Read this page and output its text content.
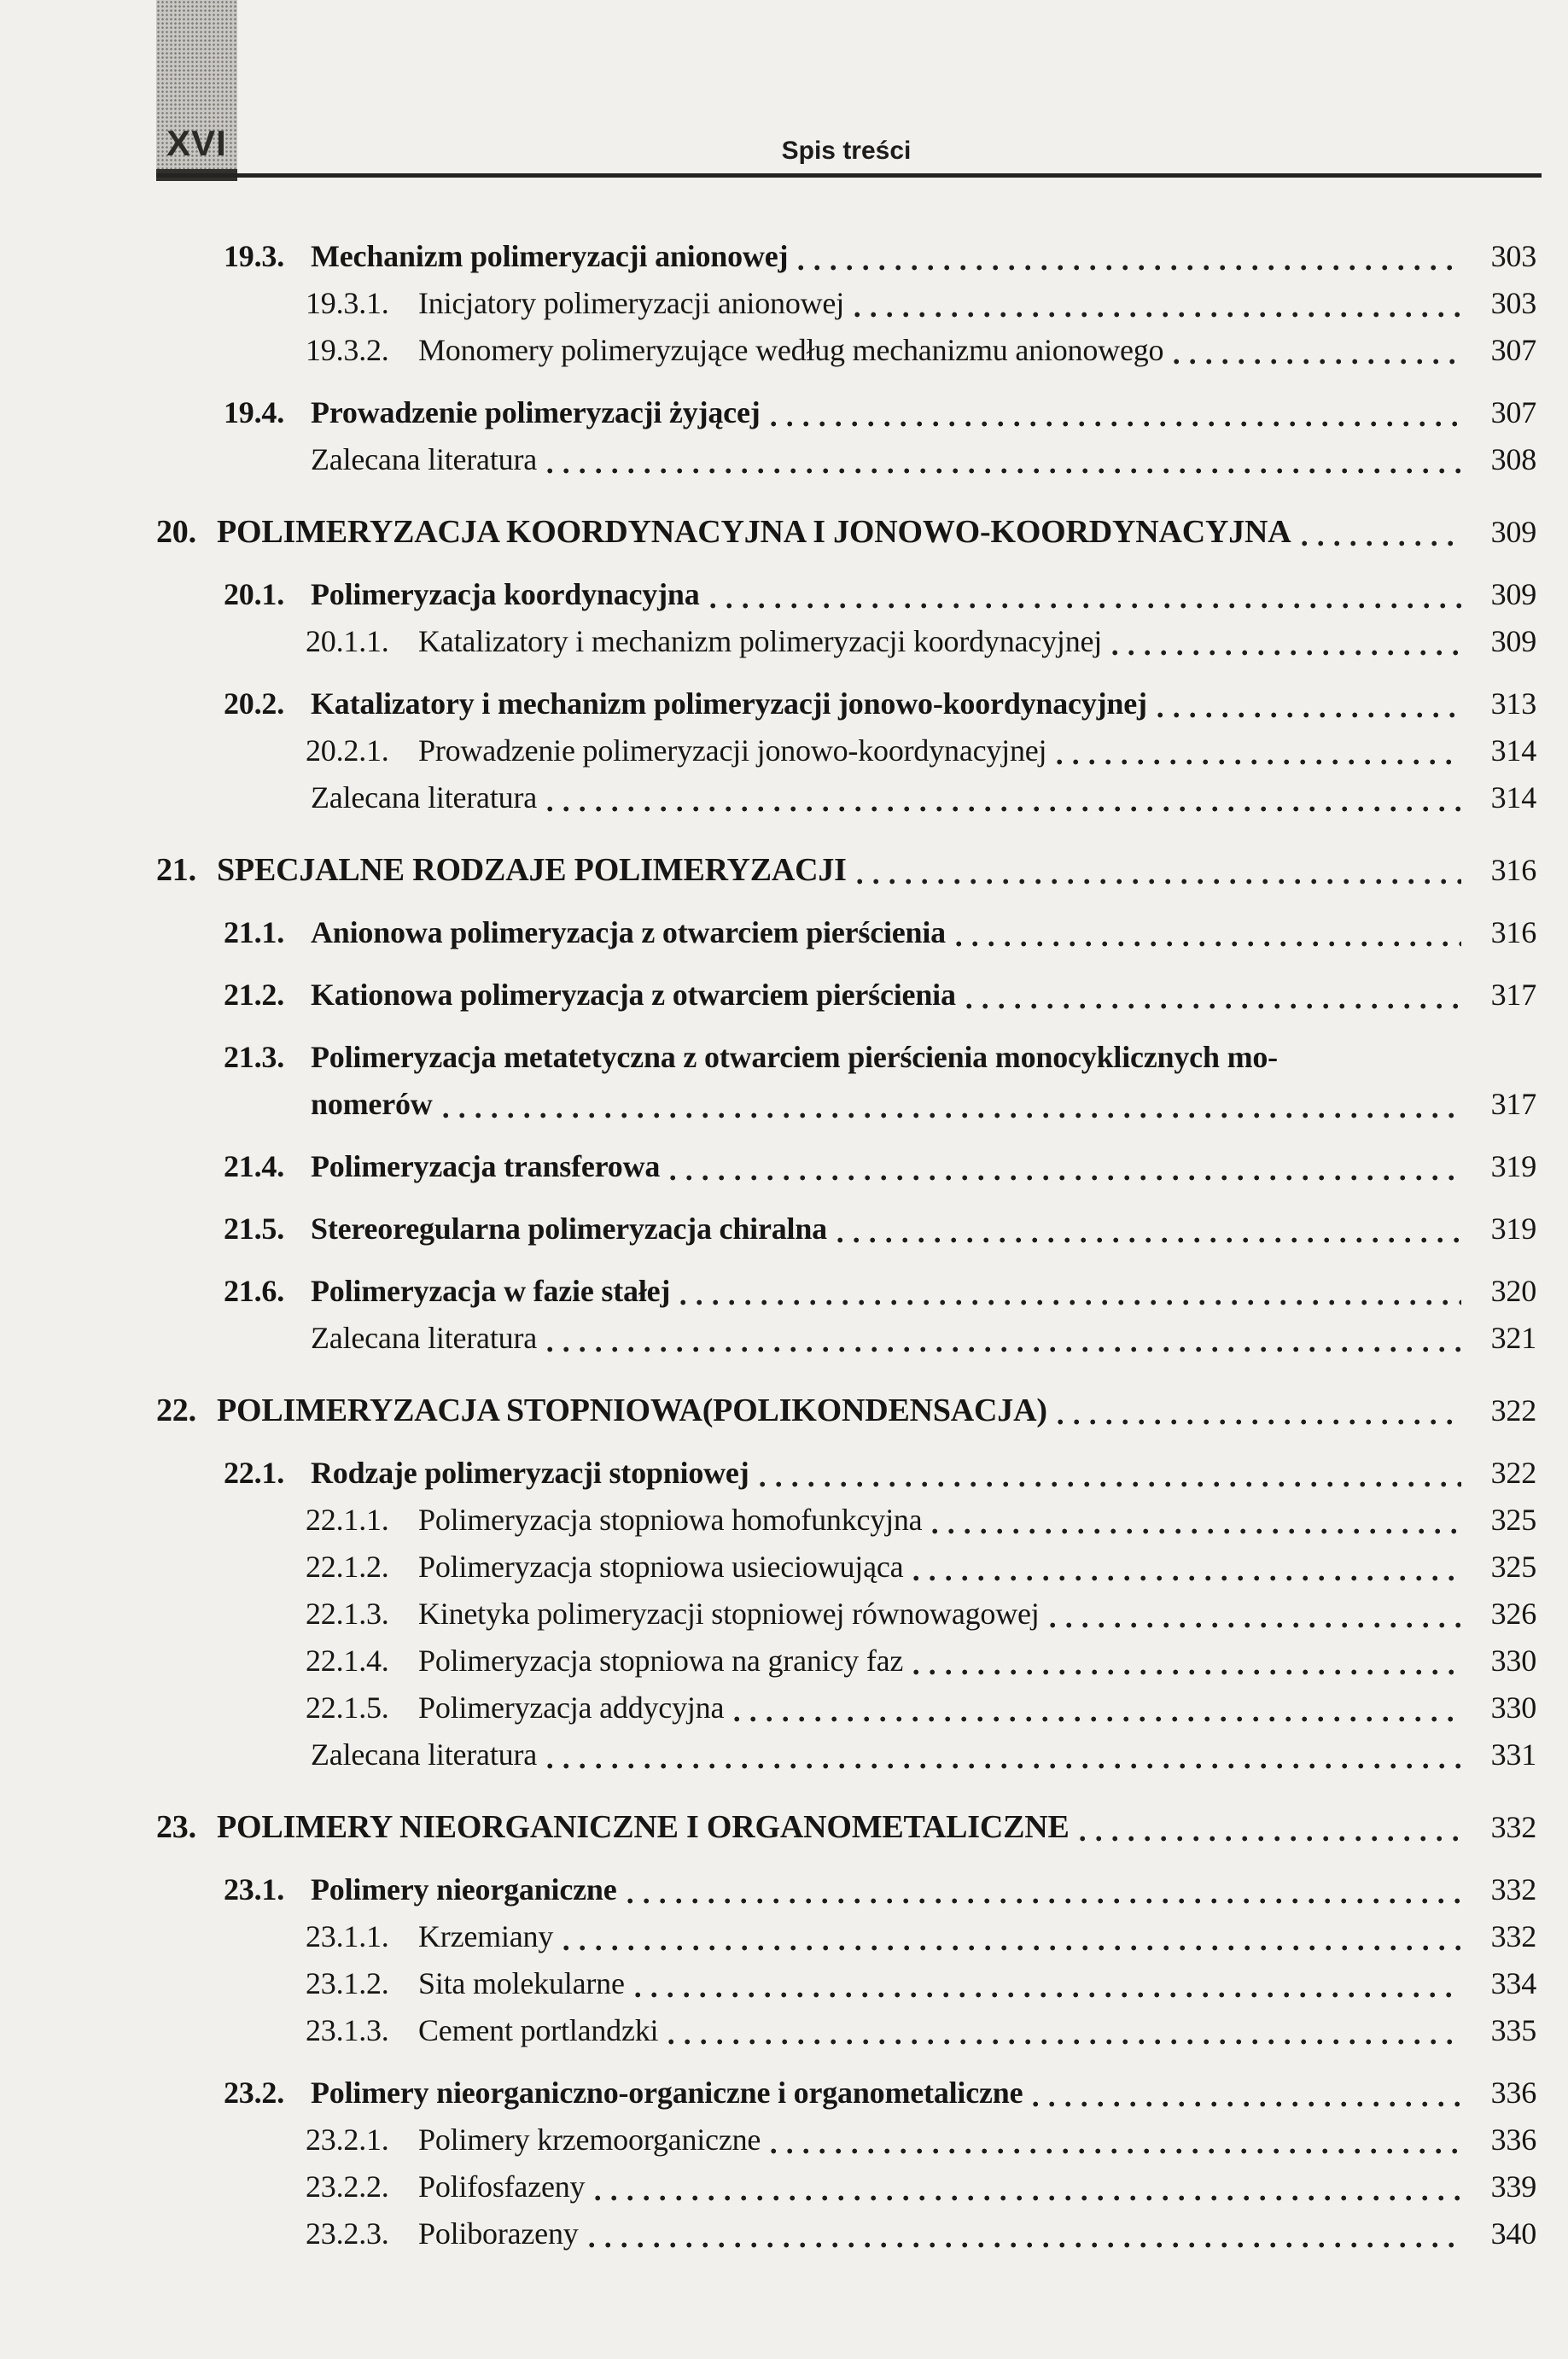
XVI	Spis treści
19.3. Mechanizm polimeryzacji anionowej	303
19.3.1. Inicjatory polimeryzacji anionowej	303
19.3.2. Monomery polimeryzujące według mechanizmu anionowego	307
19.4. Prowadzenie polimeryzacji żyjącej	307
Zalecana literatura	308
20. POLIMERYZACJA KOORDYNACYJNA I JONOWO-KOORDYNACYJNA	309
20.1. Polimeryzacja koordynacyjna	309
20.1.1. Katalizatory i mechanizm polimeryzacji koordynacyjnej	309
20.2. Katalizatory i mechanizm polimeryzacji jonowo-koordynacyjnej	313
20.2.1. Prowadzenie polimeryzacji jonowo-koordynacyjnej	314
Zalecana literatura	314
21. SPECJALNE RODZAJE POLIMERYZACJI	316
21.1. Anionowa polimeryzacja z otwarciem pierścienia	316
21.2. Kationowa polimeryzacja z otwarciem pierścienia	317
21.3. Polimeryzacja metatetyczna z otwarciem pierścienia monocyklicznych mo-
nomerów	317
21.4. Polimeryzacja transferowa	319
21.5. Stereoregularna polimeryzacja chiralna	319
21.6. Polimeryzacja w fazie stałej	320
Zalecana literatura	321
22. POLIMERYZACJA STOPNIOWA(POLIKONDENSACJA)	322
22.1. Rodzaje polimeryzacji stopniowej	322
22.1.1. Polimeryzacja stopniowa homofunkcyjna	325
22.1.2. Polimeryzacja stopniowa usieciowująca	325
22.1.3. Kinetyka polimeryzacji stopniowej równowagowej	326
22.1.4. Polimeryzacja stopniowa na granicy faz	330
22.1.5. Polimeryzacja addycyjna	330
Zalecana literatura	331
23. POLIMERY NIEORGANICZNE I ORGANOMETALICZNE	332
23.1. Polimery nieorganiczne	332
23.1.1. Krzemiany	332
23.1.2. Sita molekularne	334
23.1.3. Cement portlandzki	335
23.2. Polimery nieorganiczno-organiczne i organometaliczne	336
23.2.1. Polimery krzemoorganiczne	336
23.2.2. Polifosfazeny	339
23.2.3. Poliborazeny	340
